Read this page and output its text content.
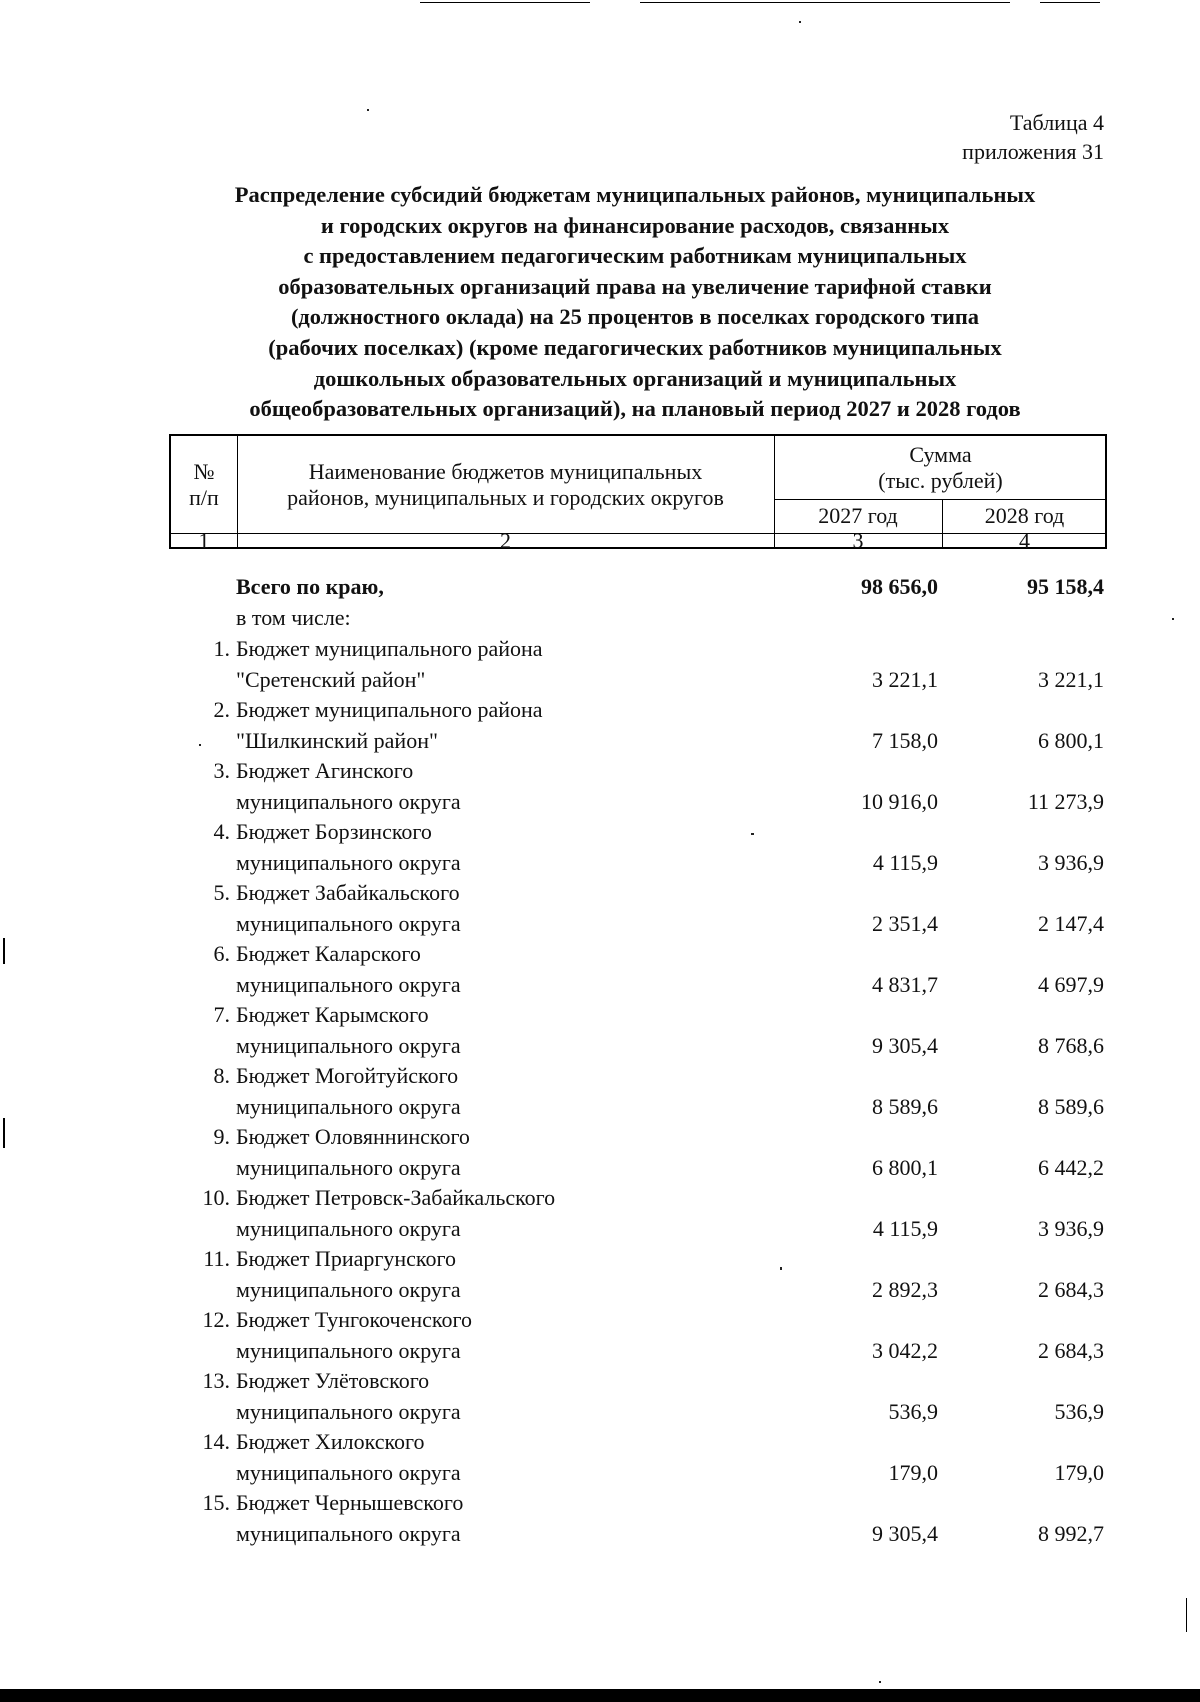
Таблица 4
приложения 31
Распределение субсидий бюджетам муниципальных районов, муниципальных
и городских округов на финансирование расходов, связанных
с предоставлением педагогическим работникам муниципальных
образовательных организаций права на увеличение тарифной ставки
(должностного оклада) на 25 процентов в поселках городского типа
(рабочих поселках) (кроме педагогических работников муниципальных
дошкольных образовательных организаций и муниципальных
общеобразовательных организаций), на плановый период 2027 и 2028 годов
№
п/п
Наименование бюджетов муниципальных
районов, муниципальных и городских округов
Сумма
(тыс. рублей)
2027 год	2028 год
1	2	3	4
Всего по краю,	98 656,0	95 158,4
в том числе:
1. Бюджет муниципального района
"Сретенский район"	3 221,1	3 221,1
2. Бюджет муниципального района
"Шилкинский район"	7 158,0	6 800,1
3. Бюджет Агинского
муниципального округа	10 916,0	11 273,9
4. Бюджет Борзинского
муниципального округа	4 115,9	3 936,9
5. Бюджет Забайкальского
муниципального округа	2 351,4	2 147,4
6. Бюджет Каларского
муниципального округа	4 831,7	4 697,9
7. Бюджет Карымского
муниципального округа	9 305,4	8 768,6
8. Бюджет Могойтуйского
муниципального округа	8 589,6	8 589,6
9. Бюджет Оловяннинского
муниципального округа	6 800,1	6 442,2
10. Бюджет Петровск-Забайкальского
муниципального округа	4 115,9	3 936,9
11. Бюджет Приаргунского
муниципального округа	2 892,3	2 684,3
12. Бюджет Тунгокоченского
муниципального округа	3 042,2	2 684,3
13. Бюджет Улётовского
муниципального округа	536,9	536,9
14. Бюджет Хилокского
муниципального округа	179,0	179,0
15. Бюджет Чернышевского
муниципального округа	9 305,4	8 992,7
